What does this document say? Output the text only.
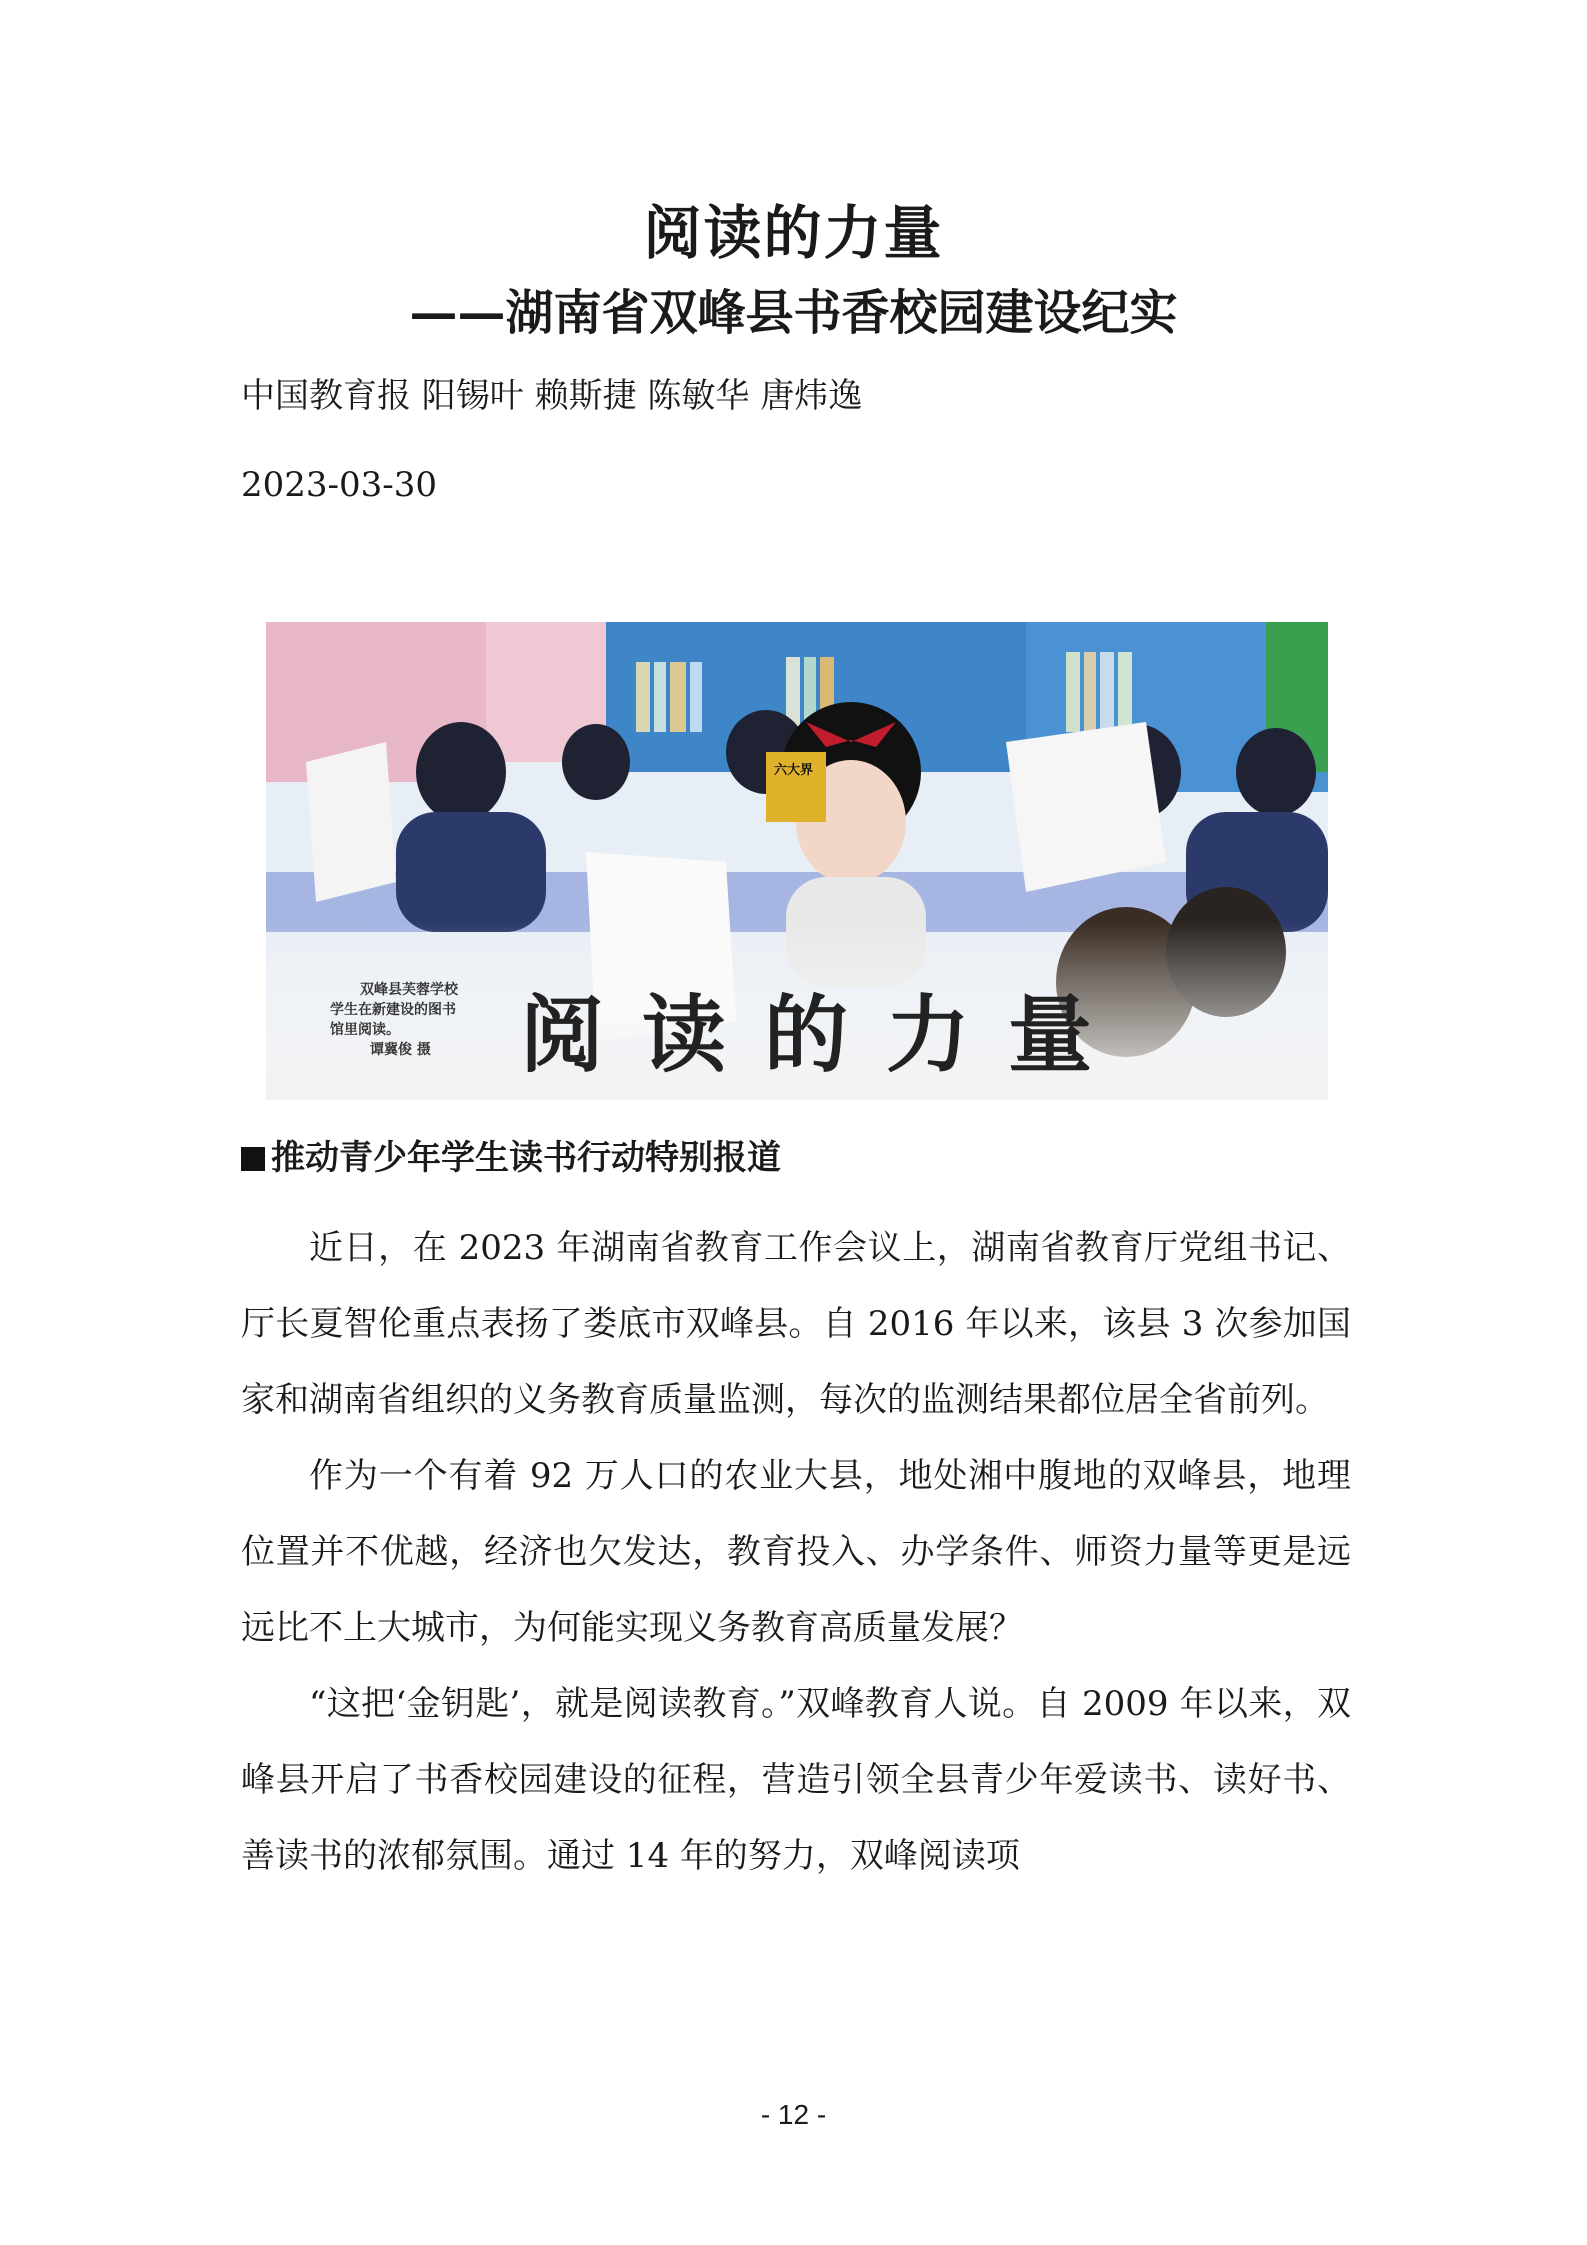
阅读的力量
——湖南省双峰县书香校园建设纪实
中国教育报 阳锡叶 赖斯捷 陈敏华 唐炜逸
2023-03-30
六大界
双峰县芙蓉学校
学生在新建设的图书
馆里阅读。
谭冀俊 摄	阅读的力量
推动青少年学生读书行动特别报道

近日，在 2023 年湖南省教育工作会议上，湖南省教育厅党组书记、厅长夏智伦重点表扬了娄底市双峰县。自 2016 年以来，该县 3 次参加国家和湖南省组织的义务教育质量监测，每次的监测结果都位居全省前列。

作为一个有着 92 万人口的农业大县，地处湘中腹地的双峰县，地理位置并不优越，经济也欠发达，教育投入、办学条件、师资力量等更是远远比不上大城市，为何能实现义务教育高质量发展？

“这把‘金钥匙’，就是阅读教育。”双峰教育人说。自 2009 年以来，双峰县开启了书香校园建设的征程，营造引领全县青少年爱读书、读好书、善读书的浓郁氛围。通过 14 年的努力，双峰阅读项

- 12 -
